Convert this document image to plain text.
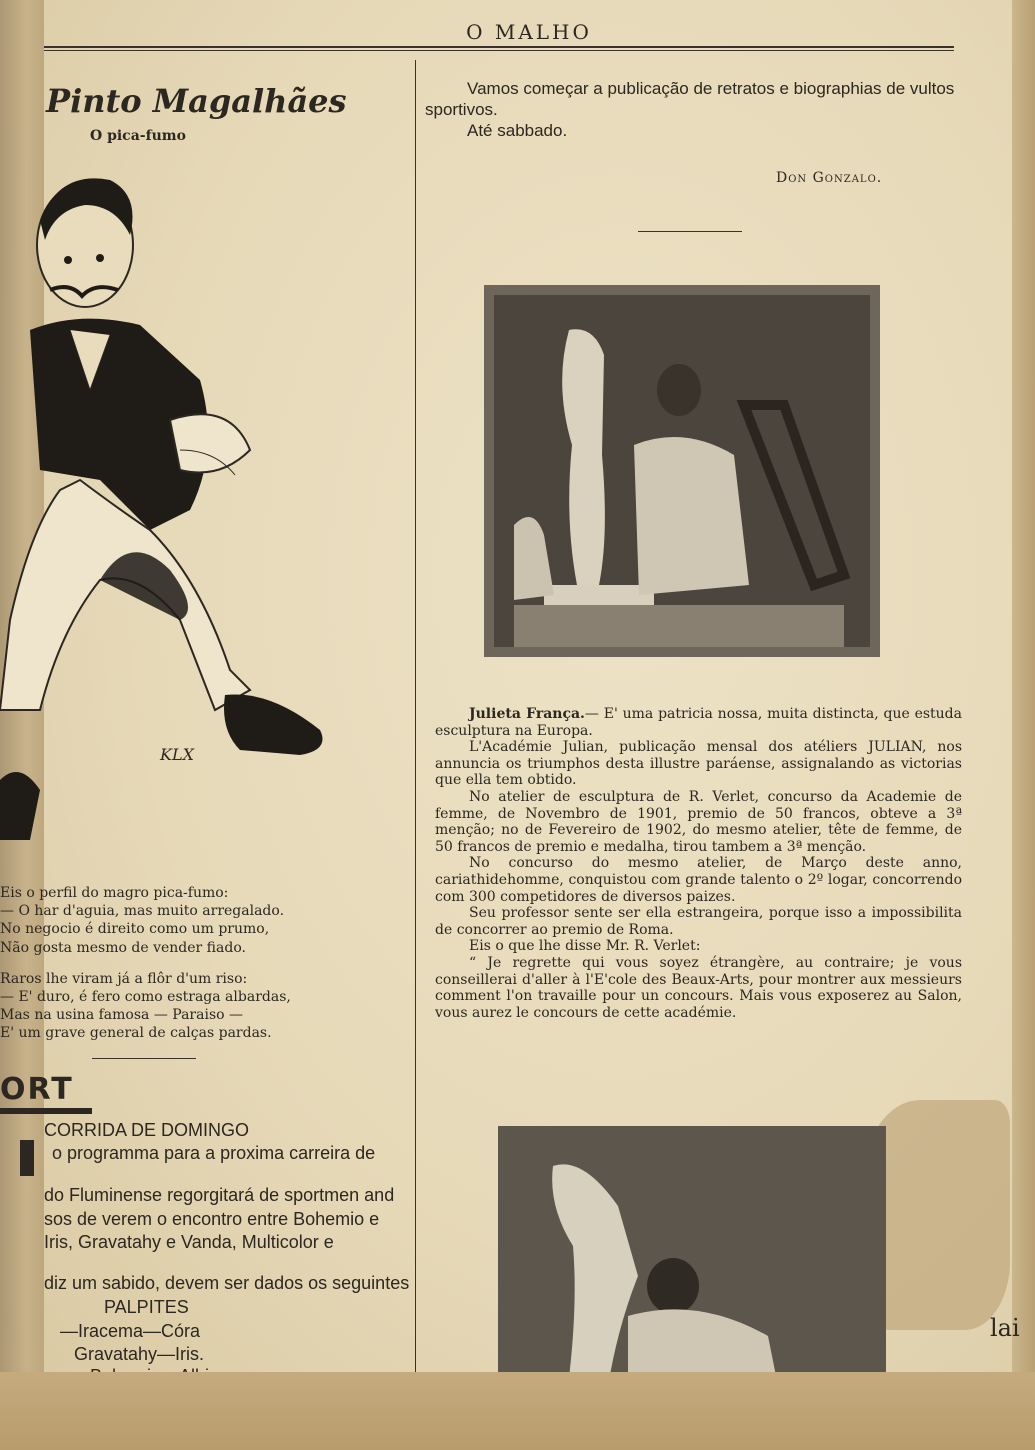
O MALHO
Pinto Magalhães
O pica-fumo
KLX
Eis o perfil do magro pica-fumo:
— O har d'aguia, mas muito arregalado.
No negocio é direito como um prumo,
Não gosta mesmo de vender fiado.
Raros lhe viram já a flôr d'um riso:
— E' duro, é fero como estraga albardas,
Mas na usina famosa — Paraiso —
E' um grave general de calças pardas.
ORT
CORRIDA DE DOMINGO
o programma para a proxima carreira de
do Fluminense regorgitará de sportmen and
sos de verem o encontro entre Bohemio e
Iris, Gravatahy e Vanda, Multicolor e
diz um sabido, devem ser dados os seguintes
PALPITES
—Iracema—Córa
Gravatahy—Iris.

Vamos começar a publicação de retratos e biographias de vultos sportivos.

Até sabbado.

Don Gonzalo.

Julieta França.— E' uma patricia nossa, muita distincta, que estuda esculptura na Europa.

L'Académie Julian, publicação mensal dos atéliers JULIAN, nos annuncia os triumphos desta illustre paráense, assignalando as victorias que ella tem obtido.

No atelier de esculptura de R. Verlet, concurso da Academie de femme, de Novembro de 1901, premio de 50 francos, obteve a 3ª menção; no de Fevereiro de 1902, do mesmo atelier, tête de femme, de 50 francos de premio e medalha, tirou tambem a 3ª menção.

No concurso do mesmo atelier, de Março deste anno, cariathidehomme, conquistou com grande talento o 2º logar, concorrendo com 300 competidores de diversos paizes.

Seu professor sente ser ella estrangeira, porque isso a impossibilita de concorrer ao premio de Roma.

Eis o que lhe disse Mr. R. Verlet:

“ Je regrette qui vous soyez étrangère, au contraire; je vous conseillerai d'aller à l'E'cole des Beaux-Arts, pour montrer aux messieurs comment l'on travaille pour un concours. Mais vous exposerez au Salon, vous aurez le concours de cette académie.

lai
